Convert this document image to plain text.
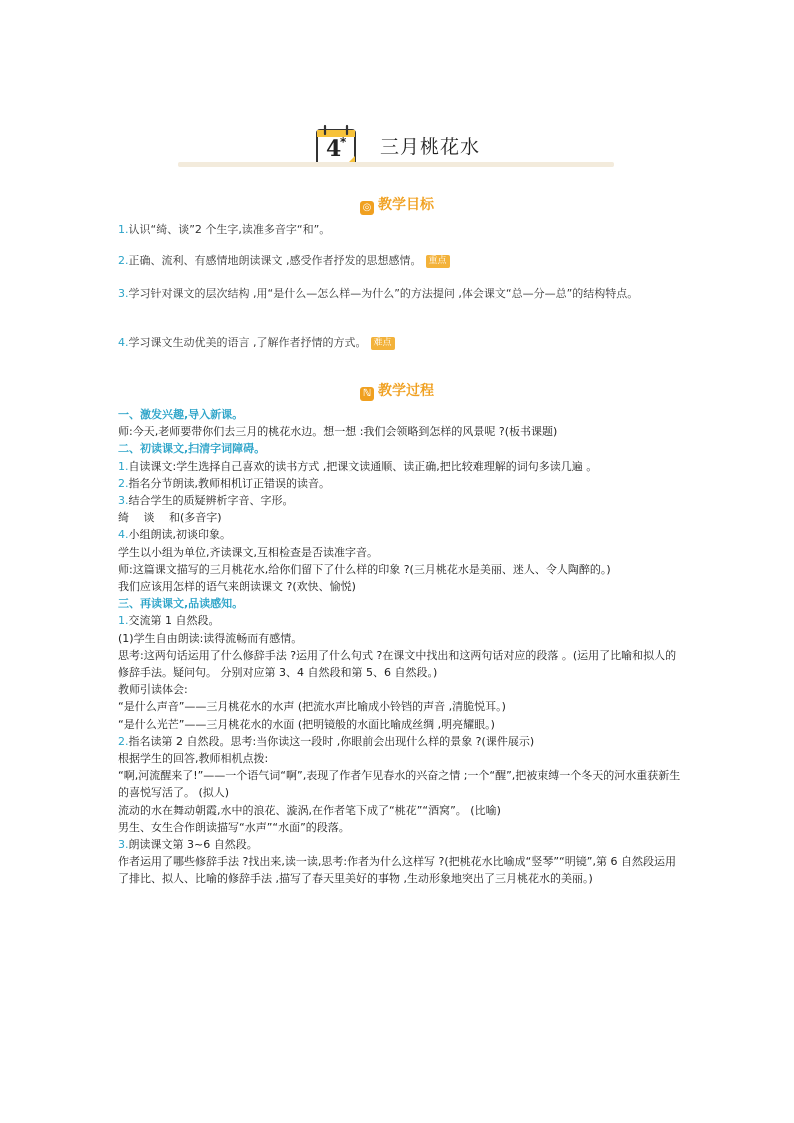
4
* 三月桃花水
◎ 教学目标
1.认识“绮、谈”2 个生字,读准多音字“和”。
2.正确、流利、有感情地朗读课文 ,感受作者抒发的思想感情。 重点
3.学习针对课文的层次结构 ,用“是什么—怎么样—为什么”的方法提问 ,体会课文“总—分—总”的结构特点。
4.学习课文生动优美的语言 ,了解作者抒情的方式。 难点
ℕ 教学过程
一、激发兴趣,导入新课。
师:今天,老师要带你们去三月的桃花水边。想一想 :我们会领略到怎样的风景呢 ?(板书课题)
二、初读课文,扫清字词障碍。
1.自读课文:学生选择自己喜欢的读书方式 ,把课文读通顺、读正确,把比较难理解的词句多读几遍 。
2.指名分节朗读,教师相机订正错误的读音。
3.结合学生的质疑辨析字音、字形。
绮　 谈　 和(多音字)
4.小组朗读,初谈印象。
学生以小组为单位,齐读课文,互相检查是否读准字音。
师:这篇课文描写的三月桃花水,给你们留下了什么样的印象 ?(三月桃花水是美丽、迷人、令人陶醉的。)
我们应该用怎样的语气来朗读课文 ?(欢快、愉悦)
三、再读课文,品读感知。
1.交流第 1 自然段。
(1)学生自由朗读:读得流畅而有感情。
思考:这两句话运用了什么修辞手法 ?运用了什么句式 ?在课文中找出和这两句话对应的段落 。(运用了比喻和拟人的修辞手法。疑问句。 分别对应第 3、4 自然段和第 5、6 自然段。)
教师引读体会:
“是什么声音”——三月桃花水的水声 (把流水声比喻成小铃铛的声音 ,清脆悦耳。)
“是什么光芒”——三月桃花水的水面 (把明镜般的水面比喻成丝绸 ,明亮耀眼。)
2.指名读第 2 自然段。思考:当你读这一段时 ,你眼前会出现什么样的景象 ?(课件展示)
根据学生的回答,教师相机点拨:
“啊,河流醒来了!”——一个语气词“啊”,表现了作者乍见春水的兴奋之情 ;一个“醒”,把被束缚一个冬天的河水重获新生的喜悦写活了。 (拟人)
流动的水在舞动朝霞,水中的浪花、漩涡,在作者笔下成了“桃花”“酒窝”。 (比喻)
男生、女生合作朗读描写“水声”“水面”的段落。
3.朗读课文第 3~6 自然段。
作者运用了哪些修辞手法 ?找出来,读一读,思考:作者为什么这样写 ?(把桃花水比喻成“竖琴”“明镜”,第 6 自然段运用了排比、拟人、比喻的修辞手法 ,描写了春天里美好的事物 ,生动形象地突出了三月桃花水的美丽。)
